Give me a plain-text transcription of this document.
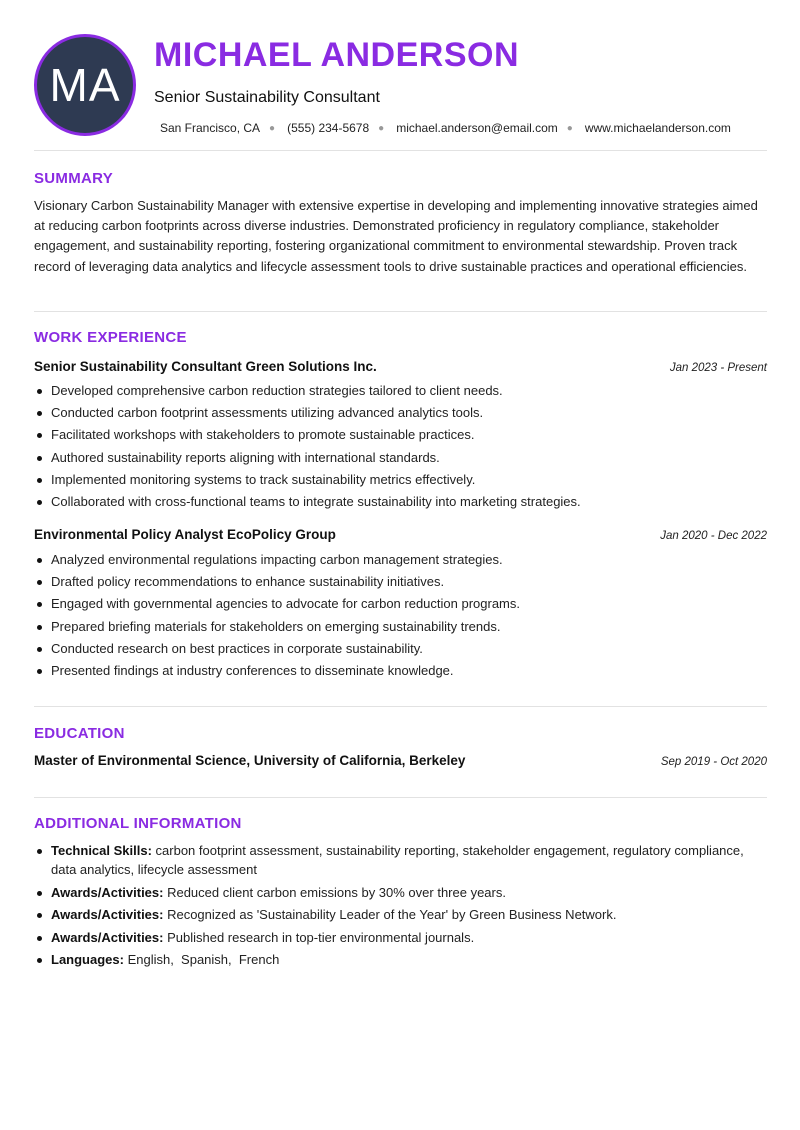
MA
MICHAEL ANDERSON
Senior Sustainability Consultant
San Francisco, CA ● (555) 234-5678 ● michael.anderson@email.com ● www.michaelanderson.com
SUMMARY
Visionary Carbon Sustainability Manager with extensive expertise in developing and implementing innovative strategies aimed at reducing carbon footprints across diverse industries. Demonstrated proficiency in regulatory compliance, stakeholder engagement, and sustainability reporting, fostering organizational commitment to environmental stewardship. Proven track record of leveraging data analytics and lifecycle assessment tools to drive sustainable practices and operational efficiencies.
WORK EXPERIENCE
Senior Sustainability Consultant Green Solutions Inc.	Jan 2023 - Present
Developed comprehensive carbon reduction strategies tailored to client needs.
Conducted carbon footprint assessments utilizing advanced analytics tools.
Facilitated workshops with stakeholders to promote sustainable practices.
Authored sustainability reports aligning with international standards.
Implemented monitoring systems to track sustainability metrics effectively.
Collaborated with cross-functional teams to integrate sustainability into marketing strategies.
Environmental Policy Analyst EcoPolicy Group	Jan 2020 - Dec 2022
Analyzed environmental regulations impacting carbon management strategies.
Drafted policy recommendations to enhance sustainability initiatives.
Engaged with governmental agencies to advocate for carbon reduction programs.
Prepared briefing materials for stakeholders on emerging sustainability trends.
Conducted research on best practices in corporate sustainability.
Presented findings at industry conferences to disseminate knowledge.
EDUCATION
Master of Environmental Science, University of California, Berkeley	Sep 2019 - Oct 2020
ADDITIONAL INFORMATION
Technical Skills: carbon footprint assessment, sustainability reporting, stakeholder engagement, regulatory compliance, data analytics, lifecycle assessment
Awards/Activities: Reduced client carbon emissions by 30% over three years.
Awards/Activities: Recognized as 'Sustainability Leader of the Year' by Green Business Network.
Awards/Activities: Published research in top-tier environmental journals.
Languages: English,  Spanish,  French
